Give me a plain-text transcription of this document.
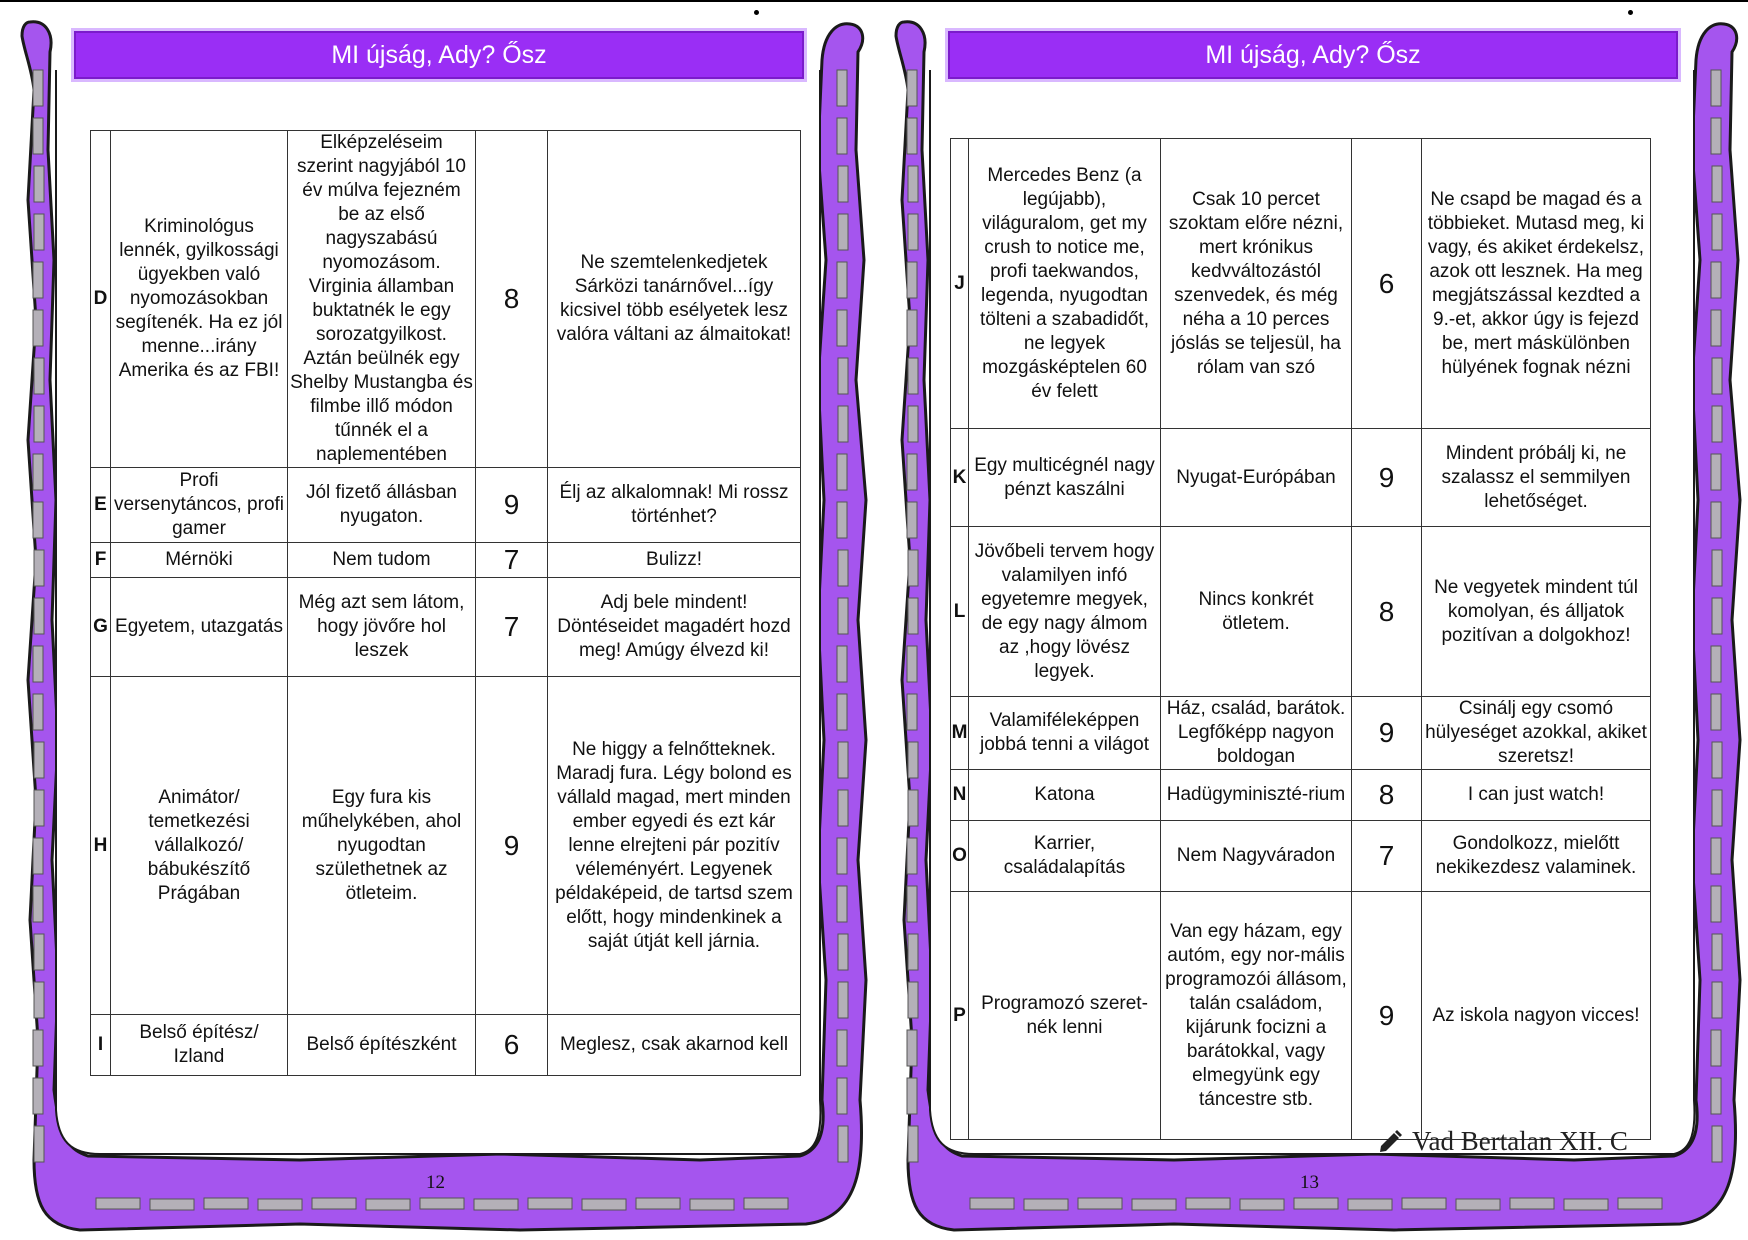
MI újság, Ady? Ősz
D	Kriminológus lennék, gyilkossági ügyekben való nyomozásokban segítenék. Ha ez jól menne...irány Amerika és az FBI!	Elképzeléseim szerint nagyjából 10 év múlva fejezném be az első nagyszabású nyomozásom. Virginia államban buktatnék le egy sorozatgyilkost. Aztán beülnék egy Shelby Mustangba és filmbe illő módon tűnnék el a naplementében	8	Ne szemtelenkedjetek Sárközi tanárnővel...így kicsivel több esélyetek lesz valóra váltani az álmaitokat!
E	Profi versenytáncos, profi gamer	Jól fizető állásban nyugaton.	9	Élj az alkalomnak! Mi rossz történhet?
F	Mérnöki	Nem tudom	7	Bulizz!
G	Egyetem, utazgatás	Még azt sem látom, hogy jövőre hol leszek	7	Adj bele mindent! Döntéseidet magadért hozd meg! Amúgy élvezd ki!
H	Animátor/ temetkezési vállalkozó/ bábukészítő Prágában	Egy fura kis műhelykében, ahol nyugodtan születhetnek az ötleteim.	9	Ne higgy a felnőtteknek. Maradj fura. Légy bolond es vállald magad, mert minden ember egyedi és ezt kár lenne elrejteni pár pozitív véleményért. Legyenek példaképeid, de tartsd szem előtt, hogy mindenkinek a saját útját kell járnia.
I	Belső építész/ Izland	Belső építészként	6	Meglesz, csak akarnod kell
12
MI újság, Ady? Ősz
J	Mercedes Benz (a legújabb), világuralom, get my crush to notice me, profi taekwandos, legenda, nyugodtan tölteni a szabadidőt, ne legyek mozgásképtelen 60 év felett	Csak 10 percet szoktam előre nézni, mert krónikus kedvváltozástól szenvedek, és még néha a 10 perces jóslás se teljesül, ha rólam van szó	6	Ne csapd be magad és a többieket. Mutasd meg, ki vagy, és akiket érdekelsz, azok ott lesznek. Ha meg megjátszással kezdted a 9.-et, akkor úgy is fejezd be, mert máskülönben hülyének fognak nézni
K	Egy multicégnél nagy pénzt kaszálni	Nyugat-Európában	9	Mindent próbálj ki, ne szalassz el semmilyen lehetőséget.
L	Jövőbeli tervem hogy valamilyen infó egyetemre megyek, de egy nagy álmom az ,hogy lövész legyek.	Nincs konkrét ötletem.	8	Ne vegyetek mindent túl komolyan, és álljatok pozitívan a dolgokhoz!
M	Valamiféleképpen jobbá tenni a világot	Ház, család, barátok. Legfőképp nagyon boldogan	9	Csinálj egy csomó hülyeséget azokkal, akiket szeretsz!
N	Katona	Hadügyminiszté-rium	8	I can just watch!
O	Karrier, családalapítás	Nem Nagyváradon	7	Gondolkozz, mielőtt nekikezdesz valaminek.
P	Programozó szeret-nék lenni	Van egy házam, egy autóm, egy nor-mális programozói állásom, talán családom, kijárunk focizni a barátokkal, vagy elmegyünk egy táncestre stb.	9	Az iskola nagyon vicces!
13
Vad Bertalan XII. C
